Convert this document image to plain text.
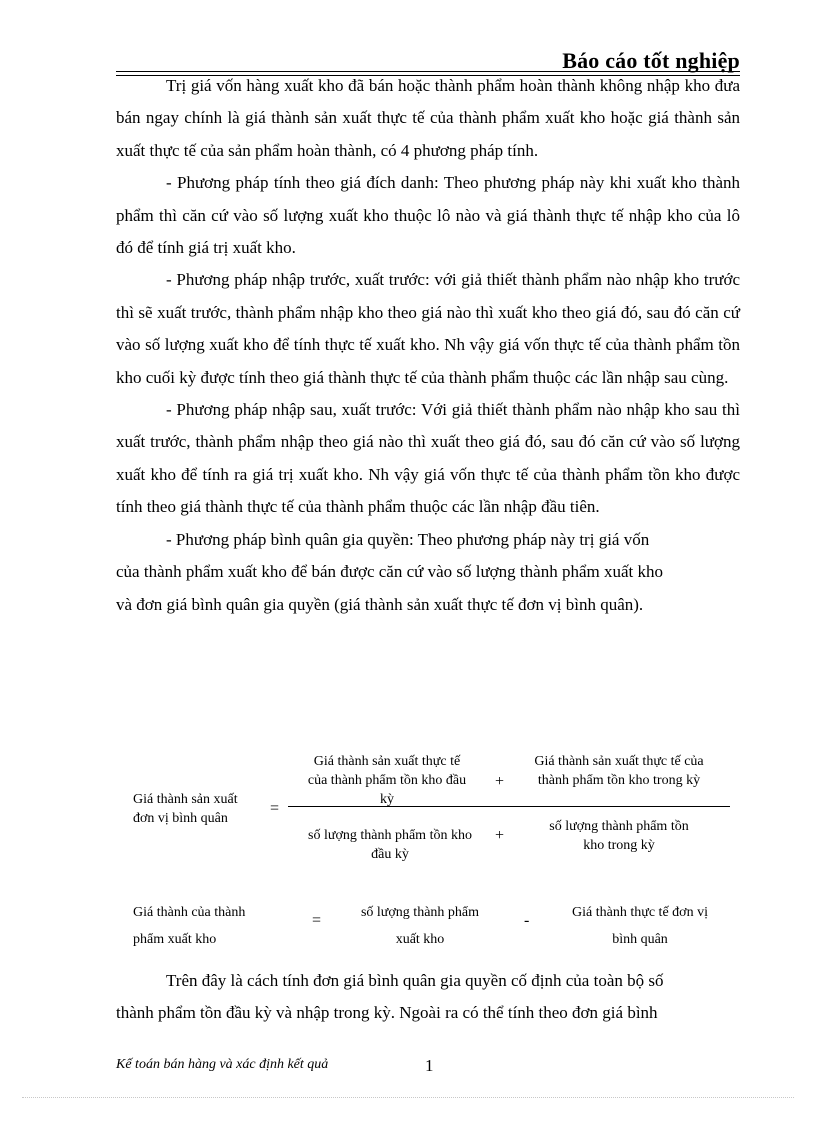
Báo cáo tốt nghiệp

Trị giá vốn hàng xuất kho đã bán hoặc thành phẩm hoàn thành không nhập kho đưa bán ngay chính là giá thành sản xuất thực tế của thành phẩm xuất kho hoặc giá thành sản xuất thực tế của sản phẩm hoàn thành, có 4 phương pháp tính.

- Phương pháp tính theo giá đích danh: Theo phương pháp này khi xuất kho thành phẩm thì căn cứ vào số lượng xuất kho thuộc lô nào và giá thành thực tế nhập kho của lô đó để tính giá trị xuất kho.

- Phương pháp nhập trước, xuất trước: với giả thiết thành phẩm nào nhập kho trước thì sẽ xuất trước, thành phẩm nhập kho theo giá nào thì xuất kho theo giá đó, sau đó căn cứ vào số lượng xuất kho để tính thực tế xuất kho. Nh vậy giá vốn thực tế của thành phẩm tồn kho cuối kỳ được tính theo giá thành thực tế của thành phẩm thuộc các lần nhập sau cùng.

- Phương pháp nhập sau, xuất trước: Với giả thiết thành phẩm nào nhập kho sau thì xuất trước, thành phẩm nhập theo giá nào thì xuất theo giá đó, sau đó căn cứ vào số lượng xuất kho để tính ra giá trị xuất kho. Nh vậy giá vốn thực tế của thành phẩm tồn kho được tính theo giá thành thực tế của thành phẩm thuộc các lần nhập đầu tiên.

- Phương pháp bình quân gia quyền: Theo phương pháp này trị giá vốn

của thành phẩm xuất kho để bán được căn cứ vào số lượng thành phẩm xuất kho

và đơn giá bình quân gia quyền (giá thành sản xuất thực tế đơn vị bình quân).

Giá thành sản xuất
đơn vị bình quân
=
Giá thành sản xuất thực tế
của thành phẩm tồn kho đầu
kỳ
+
Giá thành sản xuất thực tế của
thành phẩm tồn kho trong kỳ
số lượng thành phẩm tồn kho
đầu kỳ
+
số lượng thành phẩm tồn
kho trong kỳ
Giá thành của thành
phẩm xuất kho
=	số lượng thành phẩm
xuất kho
-	Giá thành thực tế đơn vị
bình quân

Trên đây là cách tính đơn giá bình quân gia quyền cố định của toàn bộ số

thành phẩm tồn đầu kỳ và nhập trong kỳ. Ngoài ra có thể tính theo đơn giá bình

Kế toán bán hàng và xác định kết quả	1
